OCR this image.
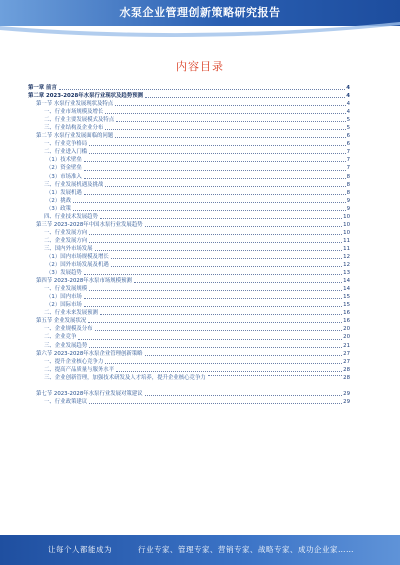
水泵企业管理创新策略研究报告
内容目录
第一章 前言	4
第二章 2023-2028年水泵行业现状及趋势预测	4
第一节 水泵行业发展现状及特点	4
一、行业市场规模及增长	4
二、行业主要发展模式及特点	5
三、行业结构及企业分布	5
第二节 水泵行业发展面临的问题	6
一、行业竞争格局	6
二、行业进入门槛	7
（1）技术壁垒	7
（2）资金壁垒	7
（3）市场准入	8
三、行业发展机遇及挑战	8
（1）发展机遇	8
（2）挑战	9
（3）政策	9
四、行业技术发展趋势	10
第三节 2023-2028年中国水泵行业发展趋势	10
一、行业发展方向	10
二、企业发展方向	11
三、国内外市场发展	11
（1）国内市场规模及增长	12
（2）国外市场发展及机遇	12
（3）发展趋势	13
第四节 2023-2028年水泵市场规模预测	14
一、行业发展规模	14
（1）国内市场	15
（2）国际市场	15
二、行业未来发展预测	16
第五节 企业发展状况	16
一、企业规模及分布	20
二、企业竞争	20
三、企业发展趋势	21
第六节 2023-2028年水泵企业管理创新策略	27
一、提升企业核心竞争力	27
二、提高产品质量与服务水平	28
三、企业创新管理，加强技术研发及人才培养，提升企业核心竞争力	28
第七节 2023-2028年水泵行业发展对策建议	29
一、行业政策建议	29
让每个人都能成为	行业专家、管理专家、营销专家、战略专家、成功企业家……
